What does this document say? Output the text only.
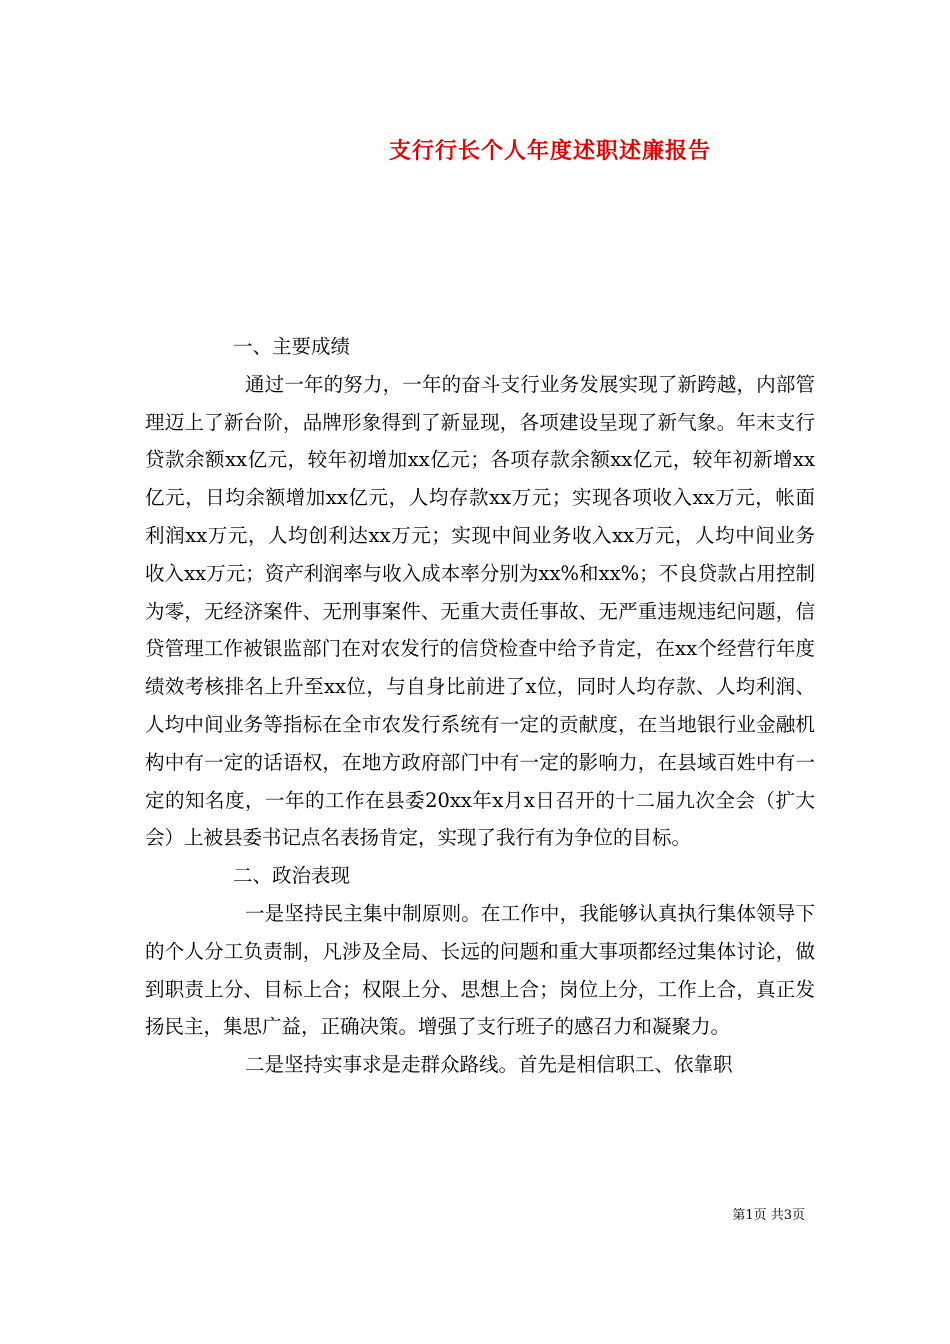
支行行长个人年度述职述廉报告
一、主要成绩
通过一年的努力，一年的奋斗支行业务发展实现了新跨越，内部管理迈上了新台阶，品牌形象得到了新显现，各项建设呈现了新气象。年末支行贷款余额xx亿元，较年初增加xx亿元；各项存款余额xx亿元，较年初新增xx亿元，日均余额增加xx亿元，人均存款xx万元；实现各项收入xx万元，帐面利润xx万元，人均创利达xx万元；实现中间业务收入xx万元，人均中间业务收入xx万元；资产利润率与收入成本率分别为xx%和xx%；不良贷款占用控制为零，无经济案件、无刑事案件、无重大责任事故、无严重违规违纪问题，信贷管理工作被银监部门在对农发行的信贷检查中给予肯定，在xx个经营行年度绩效考核排名上升至xx位，与自身比前进了x位，同时人均存款、人均利润、人均中间业务等指标在全市农发行系统有一定的贡献度，在当地银行业金融机构中有一定的话语权，在地方政府部门中有一定的影响力，在县域百姓中有一定的知名度，一年的工作在县委20xx年x月x日召开的十二届九次全会（扩大会）上被县委书记点名表扬肯定，实现了我行有为争位的目标。
二、政治表现
一是坚持民主集中制原则。在工作中，我能够认真执行集体领导下的个人分工负责制，凡涉及全局、长远的问题和重大事项都经过集体讨论，做到职责上分、目标上合；权限上分、思想上合；岗位上分，工作上合，真正发扬民主，集思广益，正确决策。增强了支行班子的感召力和凝聚力。
二是坚持实事求是走群众路线。首先是相信职工、依靠职
第1页 共3页
